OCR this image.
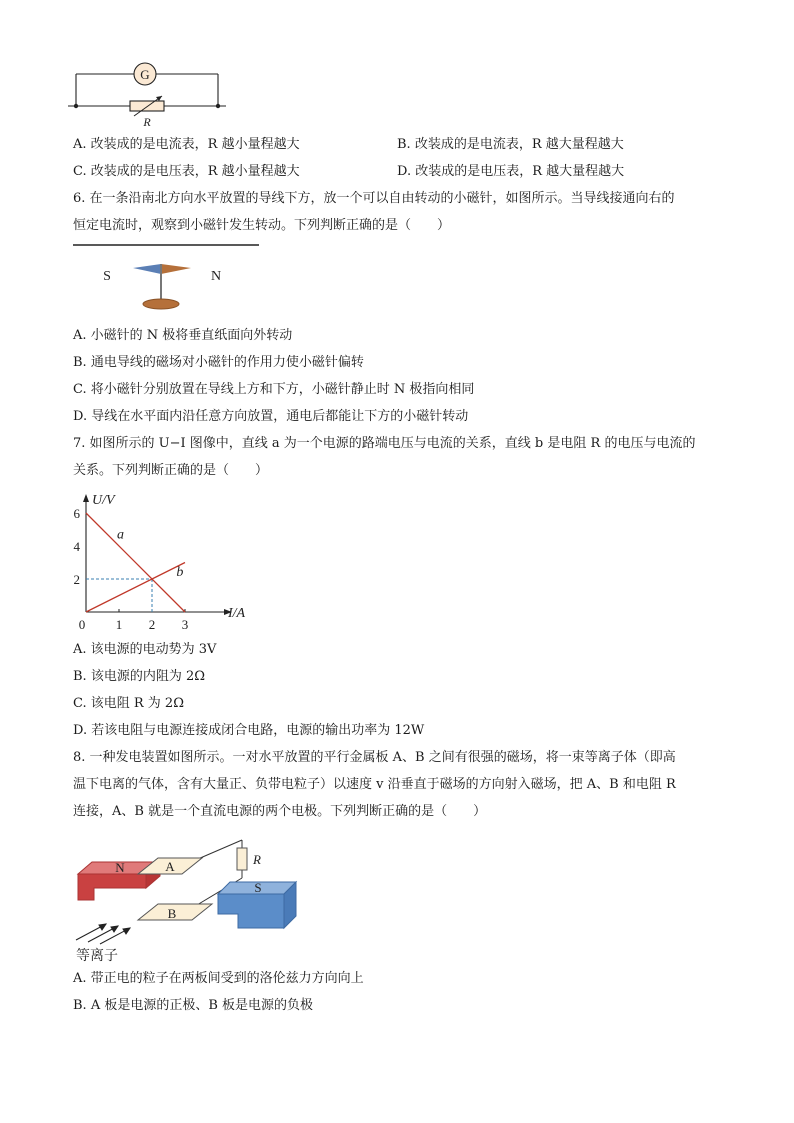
G
R
A. 改装成的是电流表，R 越小量程越大	B. 改装成的是电流表，R 越大量程越大
C. 改装成的是电压表，R 越小量程越大	D. 改装成的是电压表，R 越大量程越大
6. 在一条沿南北方向水平放置的导线下方，放一个可以自由转动的小磁针，如图所示。当导线接通向右的
恒定电流时，观察到小磁针发生转动。下列判断正确的是（　　）
S	N
A. 小磁针的 N 极将垂直纸面向外转动
B. 通电导线的磁场对小磁针的作用力使小磁针偏转
C. 将小磁针分别放置在导线上方和下方，小磁针静止时 N 极指向相同
D. 导线在水平面内沿任意方向放置，通电后都能让下方的小磁针转动
7. 如图所示的 U−I 图像中，直线 a 为一个电源的路端电压与电流的关系，直线 b 是电阻 R 的电压与电流的
关系。下列判断正确的是（　　）
I/A
U/V
0 1 2 3
2
4
6
a
b
A. 该电源的电动势为 3V
B. 该电源的内阻为 2Ω
C. 该电阻 R 为 2Ω
D. 若该电阻与电源连接成闭合电路，电源的输出功率为 12W
8. 一种发电装置如图所示。一对水平放置的平行金属板 A、B 之间有很强的磁场，将一束等离子体（即高
温下电离的气体，含有大量正、负带电粒子）以速度 v 沿垂直于磁场的方向射入磁场，把 A、B 和电阻 R
连接，A、B 就是一个直流电源的两个电极。下列判断正确的是（　　）
N	A	R
S
B
等离子
A. 带正电的粒子在两板间受到的洛伦兹力方向向上
B. A 板是电源的正极、B 板是电源的负极
